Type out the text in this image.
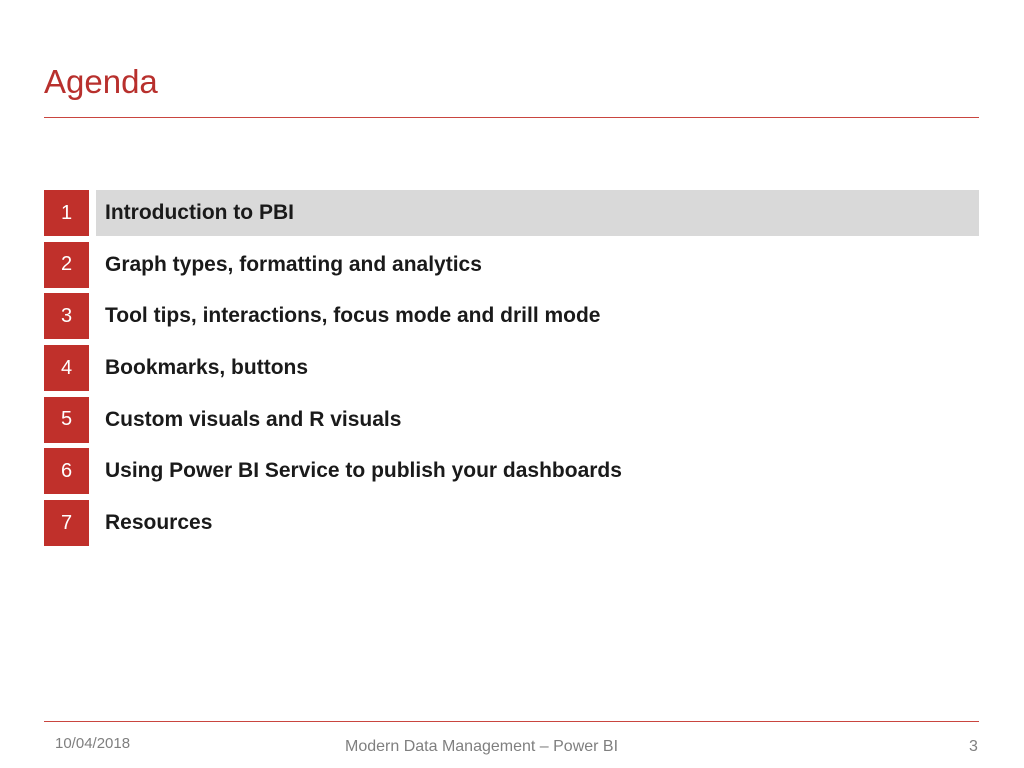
Agenda
1	Introduction to PBI
2	Graph types, formatting and analytics
3	Tool tips, interactions, focus mode and drill mode
4	Bookmarks, buttons
5	Custom visuals and R visuals
6	Using Power BI Service to publish your dashboards
7	Resources
10/04/2018	Modern Data Management – Power BI	3
